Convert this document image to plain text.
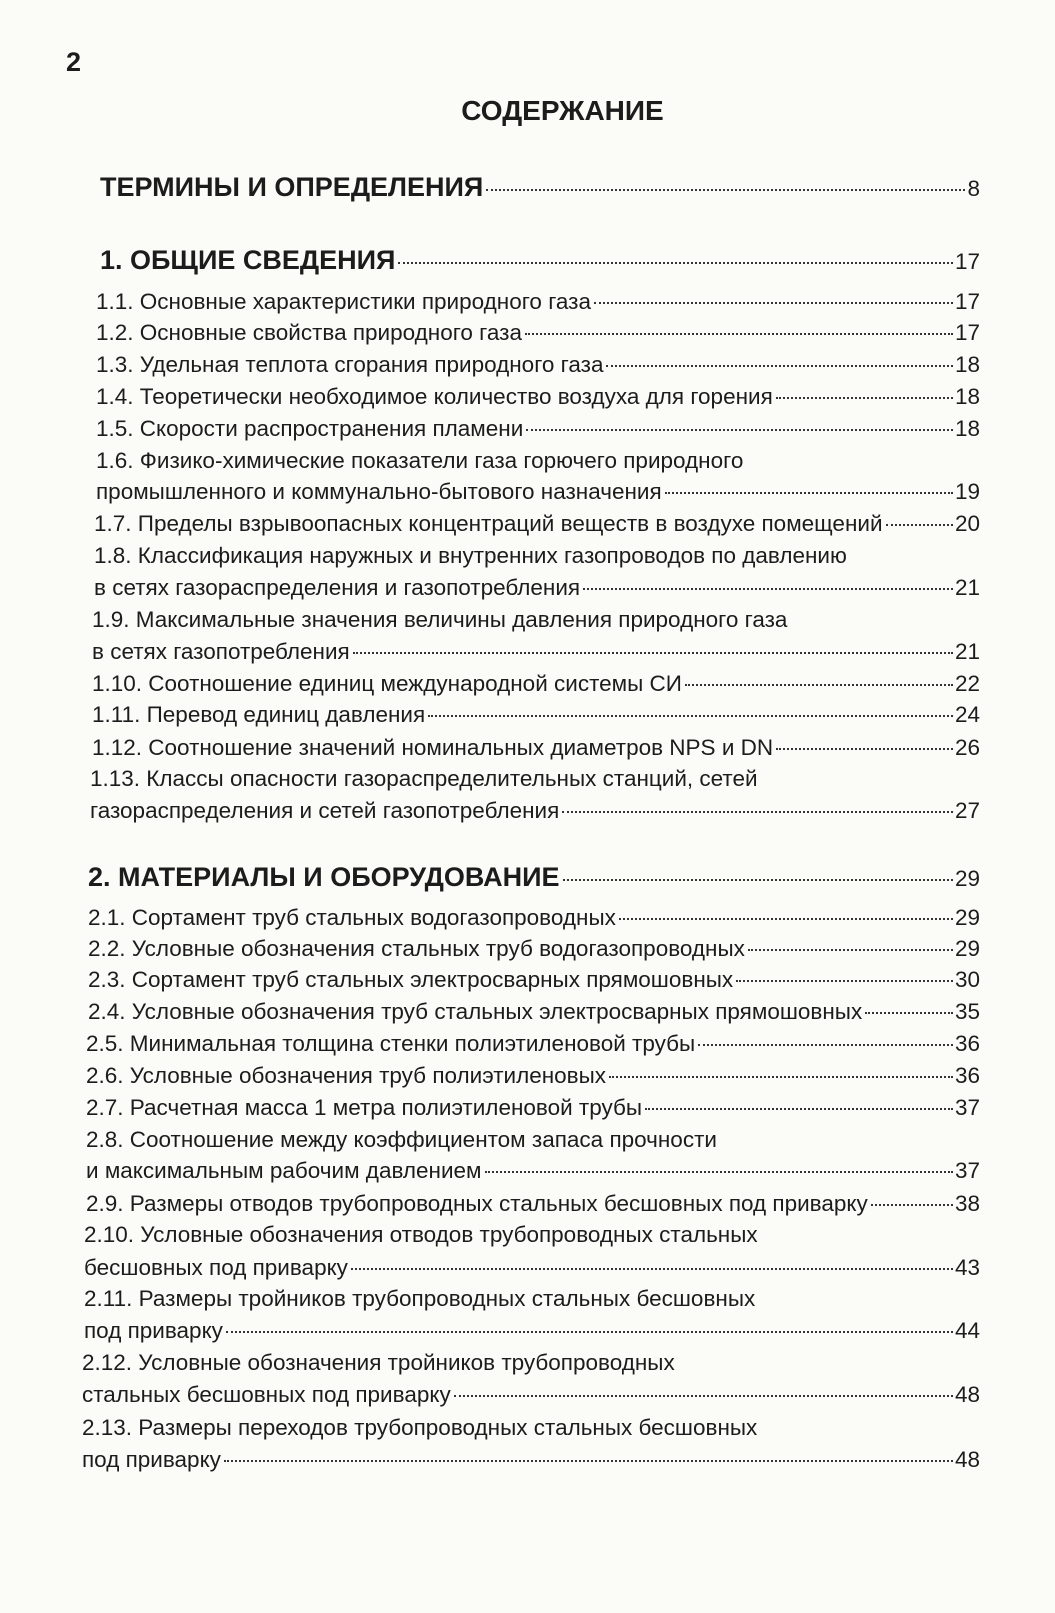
2
СОДЕРЖАНИЕ
ТЕРМИНЫ И ОПРЕДЕЛЕНИЯ	8
1. ОБЩИЕ СВЕДЕНИЯ	17
1.1. Основные характеристики природного газа	17
1.2. Основные свойства природного газа	17
1.3. Удельная теплота сгорания природного газа	18
1.4. Теоретически необходимое количество воздуха для горения	18
1.5. Скорости распространения пламени	18
1.6. Физико-химические показатели газа горючего природного
промышленного и коммунально-бытового назначения	19
1.7. Пределы взрывоопасных концентраций веществ в воздухе помещений	20
1.8. Классификация наружных и внутренних газопроводов по давлению
в сетях газораспределения и газопотребления	21
1.9. Максимальные значения величины давления природного газа
в сетях газопотребления	21
1.10. Соотношение единиц международной системы СИ	22
1.11. Перевод единиц давления	24
1.12. Соотношение значений номинальных диаметров NPS и DN	26
1.13. Классы опасности газораспределительных станций, сетей
газораспределения и сетей газопотребления	27
2. МАТЕРИАЛЫ И ОБОРУДОВАНИЕ	29
2.1. Сортамент труб стальных водогазопроводных	29
2.2. Условные обозначения стальных труб водогазопроводных	29
2.3. Сортамент труб стальных электросварных прямошовных	30
2.4. Условные обозначения труб стальных электросварных прямошовных	35
2.5. Минимальная толщина стенки полиэтиленовой трубы	36
2.6. Условные обозначения труб полиэтиленовых	36
2.7. Расчетная масса 1 метра полиэтиленовой трубы	37
2.8. Соотношение между коэффициентом запаса прочности
и максимальным рабочим давлением	37
2.9. Размеры отводов трубопроводных стальных бесшовных под приварку	38
2.10. Условные обозначения отводов трубопроводных стальных
бесшовных под приварку	43
2.11. Размеры тройников трубопроводных стальных бесшовных
под приварку	44
2.12. Условные обозначения тройников трубопроводных
стальных бесшовных под приварку	48
2.13. Размеры переходов трубопроводных стальных бесшовных
под приварку	48
